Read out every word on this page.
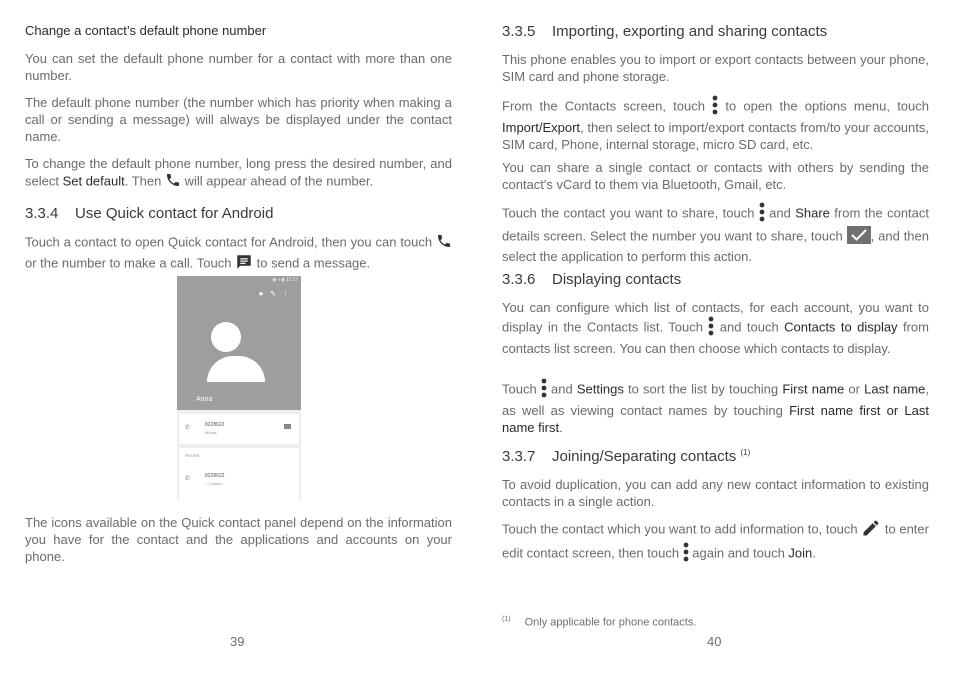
Change a contact’s default phone number

You can set the default phone number for a contact with more than one number.

The default phone number (the number which has priority when making a call or sending a message) will always be displayed under the contact name.

To change the default phone number, long press the desired number, and select Set default. Then  will appear ahead of the number.

3.3.4 Use Quick contact for Android

Touch a contact to open Quick contact for Android, then you can touch  or the number to make a call. Touch  to send a message.

◉ ◂ ▮ 11:27
★✎⋮
Anna
✆	8228622
Mobile
Recent
✆	8228622
↑ 1 March

The icons available on the Quick contact panel depend on the information you have for the contact and the applications and accounts on your phone.

39
3.3.5 Importing, exporting and sharing contacts

This phone enables you to import or export contacts between your phone, SIM card and phone storage.

From the Contacts screen, touch  to open the options menu, touch Import/Export, then select to import/export contacts from/to your accounts, SIM card, Phone, internal storage, micro SD card, etc.

You can share a single contact or contacts with others by sending the contact's vCard to them via Bluetooth, Gmail, etc.

Touch the contact you want to share, touch  and Share from the contact details screen. Select the number you want to share, touch , and then select the application to perform this action.

3.3.6 Displaying contacts

You can configure which list of contacts, for each account, you want to display in the Contacts list. Touch  and touch Contacts to display from contacts list screen. You can then choose which contacts to display.

Touch  and Settings to sort the list by touching First name or Last name, as well as viewing contact names by touching First name first or Last name first.

3.3.7 Joining/Separating contacts $^{(1)}$

To avoid duplication, you can add any new contact information to existing contacts in a single action.

Touch the contact which you want to add information to, touch  to enter edit contact screen, then touch  again and touch Join.

$^{(1)}$ Only applicable for phone contacts.
40
